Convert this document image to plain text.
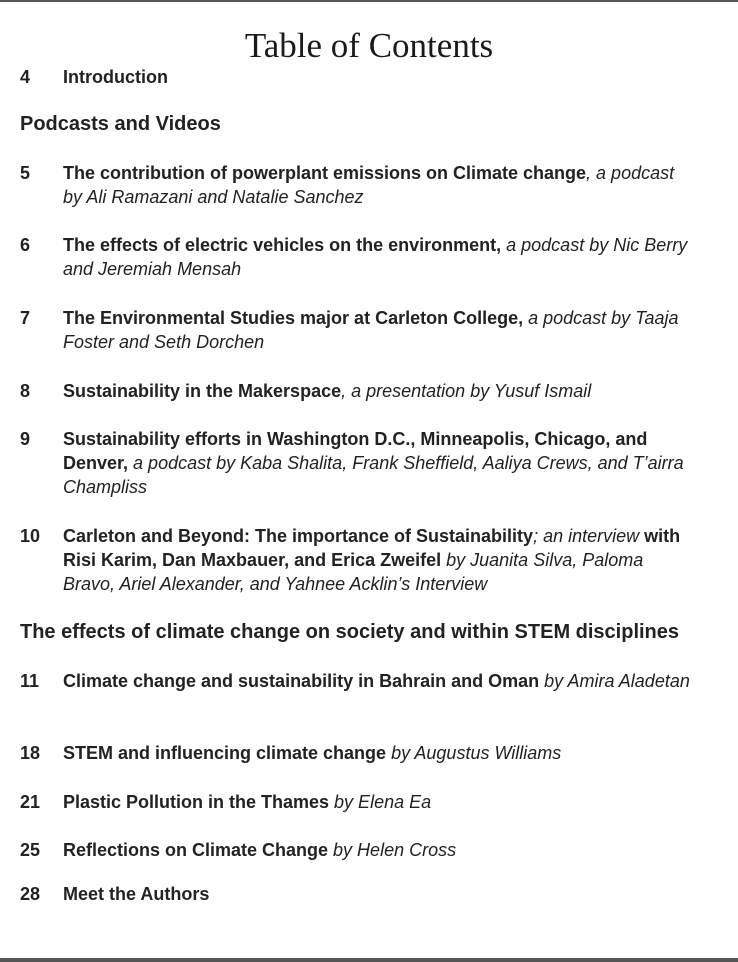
Table of Contents
4	Introduction
Podcasts and Videos
5	The contribution of powerplant emissions on Climate change, a podcast by Ali Ramazani and Natalie Sanchez
6	The effects of electric vehicles on the environment, a podcast by Nic Berry and Jeremiah Mensah
7	The Environmental Studies major at Carleton College, a podcast by Taaja Foster and Seth Dorchen
8	Sustainability in the Makerspace, a presentation by Yusuf Ismail
9	Sustainability efforts in Washington D.C., Minneapolis, Chicago, and Denver, a podcast by Kaba Shalita, Frank Sheffield, Aaliya Crews, and T’airra Champliss
10	Carleton and Beyond: The importance of Sustainability; an interview with Risi Karim, Dan Maxbauer, and Erica Zweifel by Juanita Silva, Paloma Bravo, Ariel Alexander, and Yahnee Acklin’s Interview
The effects of climate change on society and within STEM disciplines
11	Climate change and sustainability in Bahrain and Oman by Amira Aladetan
18	STEM and influencing climate change by Augustus Williams
21	Plastic Pollution in the Thames by Elena Ea
25	Reflections on Climate Change by Helen Cross
28	Meet the Authors
